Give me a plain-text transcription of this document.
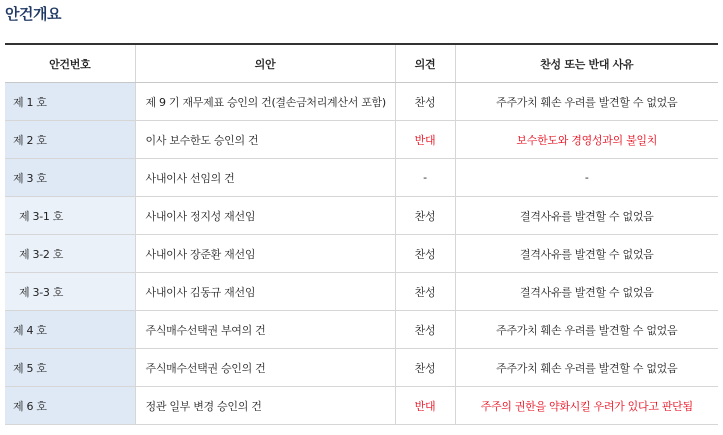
안건개요
안건번호	의안	의견	찬성 또는 반대 사유
제 1 호	제 9 기 재무제표 승인의 건(결손금처리계산서 포함)	찬성	주주가치 훼손 우려를 발견할 수 없었음
제 2 호	이사 보수한도 승인의 건	반대	보수한도와 경영성과의 불일치
제 3 호	사내이사 선임의 건	-	-
제 3-1 호	사내이사 정지성 재선임	찬성	결격사유를 발견할 수 없었음
제 3-2 호	사내이사 장준환 재선임	찬성	결격사유를 발견할 수 없었음
제 3-3 호	사내이사 김동규 재선임	찬성	결격사유를 발견할 수 없었음
제 4 호	주식매수선택권 부여의 건	찬성	주주가치 훼손 우려를 발견할 수 없었음
제 5 호	주식매수선택권 승인의 건	찬성	주주가치 훼손 우려를 발견할 수 없었음
제 6 호	정관 일부 변경 승인의 건	반대	주주의 권한을 약화시킬 우려가 있다고 판단됨
